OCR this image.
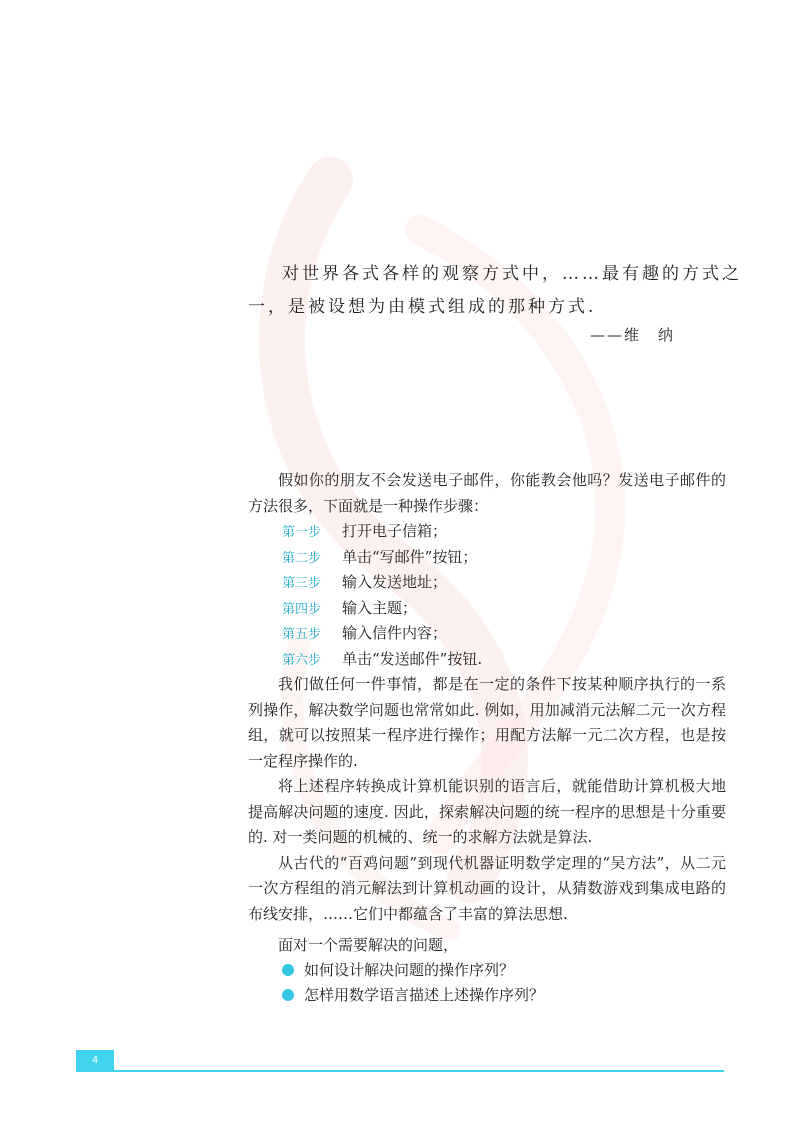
对世界各式各样的观察方式中，……最有趣的方式之
一，是被设想为由模式组成的那种方式.
——维　纳

假如你的朋友不会发送电子邮件，你能教会他吗？发送电子邮件的方法很多，下面就是一种操作步骤：

第一步 打开电子信箱；
第二步 单击“写邮件”按钮；
第三步 输入发送地址；
第四步 输入主题；
第五步 输入信件内容；
第六步 单击“发送邮件”按钮.

我们做任何一件事情，都是在一定的条件下按某种顺序执行的一系列操作，解决数学问题也常常如此. 例如，用加减消元法解二元一次方程组，就可以按照某一程序进行操作；用配方法解一元二次方程，也是按一定程序操作的.

将上述程序转换成计算机能识别的语言后，就能借助计算机极大地提高解决问题的速度. 因此，探索解决问题的统一程序的思想是十分重要的. 对一类问题的机械的、统一的求解方法就是算法.

从古代的“百鸡问题”到现代机器证明数学定理的“吴方法”，从二元一次方程组的消元解法到计算机动画的设计，从猜数游戏到集成电路的布线安排，……它们中都蕴含了丰富的算法思想.

面对一个需要解决的问题，

如何设计解决问题的操作序列？
怎样用数学语言描述上述操作序列？
4
